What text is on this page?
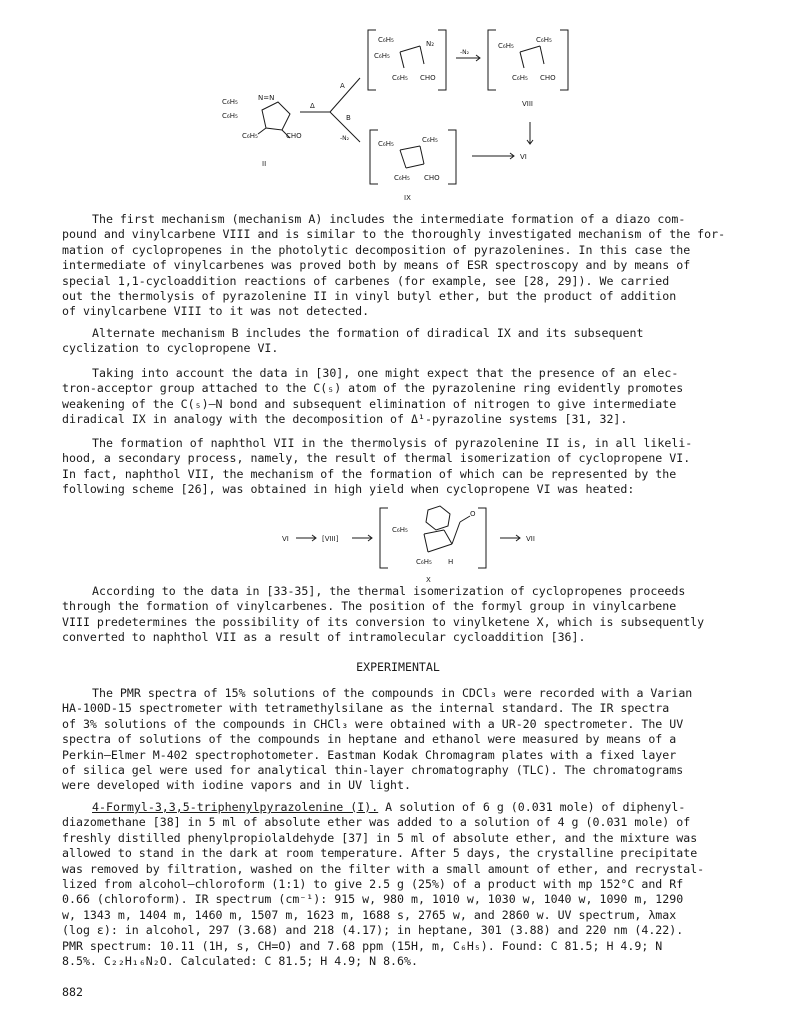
C₆H₅
C₆H₅
N=N
C₆H₅	CHO
II
Δ
A
B
-N₂
C₆H₅
C₆H₅
N₂
C₆H₅ CHO
-N₂
C₆H₅
C₆H₅
C₆H₅ CHO
VIII
C₆H₅	C₆H₅
C₆H₅ CHO
IX
VI
The first mechanism (mechanism A) includes the intermediate formation of a diazo com-
pound and vinylcarbene VIII and is similar to the thoroughly investigated mechanism of the for-
mation of cyclopropenes in the photolytic decomposition of pyrazolenines. In this case the
intermediate of vinylcarbenes was proved both by means of ESR spectroscopy and by means of
special 1,1-cycloaddition reactions of carbenes (for example, see [28, 29]). We carried
out the thermolysis of pyrazolenine II in vinyl butyl ether, but the product of addition
of vinylcarbene VIII to it was not detected.
Alternate mechanism B includes the formation of diradical IX and its subsequent
cyclization to cyclopropene VI.
Taking into account the data in [30], one might expect that the presence of an elec-
tron-acceptor group attached to the C(₅) atom of the pyrazolenine ring evidently promotes
weakening of the C(₅)—N bond and subsequent elimination of nitrogen to give intermediate
diradical IX in analogy with the decomposition of Δ¹-pyrazoline systems [31, 32].
The formation of naphthol VII in the thermolysis of pyrazolenine II is, in all likeli-
hood, a secondary process, namely, the result of thermal isomerization of cyclopropene VI.
In fact, naphthol VII, the mechanism of the formation of which can be represented by the
following scheme [26], was obtained in high yield when cyclopropene VI was heated:
VI	[VIII]
C₆H₅
O
C₆H₅ H
X
VII
According to the data in [33-35], the thermal isomerization of cyclopropenes proceeds
through the formation of vinylcarbenes. The position of the formyl group in vinylcarbene
VIII predetermines the possibility of its conversion to vinylketene X, which is subsequently
converted to naphthol VII as a result of intramolecular cycloaddition [36].
EXPERIMENTAL
The PMR spectra of 15% solutions of the compounds in CDCl₃ were recorded with a Varian
HA-100D-15 spectrometer with tetramethylsilane as the internal standard. The IR spectra
of 3% solutions of the compounds in CHCl₃ were obtained with a UR-20 spectrometer. The UV
spectra of solutions of the compounds in heptane and ethanol were measured by means of a
Perkin—Elmer M-402 spectrophotometer. Eastman Kodak Chromagram plates with a fixed layer
of silica gel were used for analytical thin-layer chromatography (TLC). The chromatograms
were developed with iodine vapors and in UV light.
4-Formyl-3,3,5-triphenylpyrazolenine (I). A solution of 6 g (0.031 mole) of diphenyl-
diazomethane [38] in 5 ml of absolute ether was added to a solution of 4 g (0.031 mole) of
freshly distilled phenylpropiolaldehyde [37] in 5 ml of absolute ether, and the mixture was
allowed to stand in the dark at room temperature. After 5 days, the crystalline precipitate
was removed by filtration, washed on the filter with a small amount of ether, and recrystal-
lized from alcohol—chloroform (1:1) to give 2.5 g (25%) of a product with mp 152°C and Rf
0.66 (chloroform). IR spectrum (cm⁻¹): 915 w, 980 m, 1010 w, 1030 w, 1040 w, 1090 m, 1290
w, 1343 m, 1404 m, 1460 m, 1507 m, 1623 m, 1688 s, 2765 w, and 2860 w. UV spectrum, λmax
(log ε): in alcohol, 297 (3.68) and 218 (4.17); in heptane, 301 (3.88) and 220 nm (4.22).
PMR spectrum: 10.11 (1H, s, CH=O) and 7.68 ppm (15H, m, C₆H₅). Found: C 81.5; H 4.9; N
8.5%. C₂₂H₁₆N₂O. Calculated: C 81.5; H 4.9; N 8.6%.
882
